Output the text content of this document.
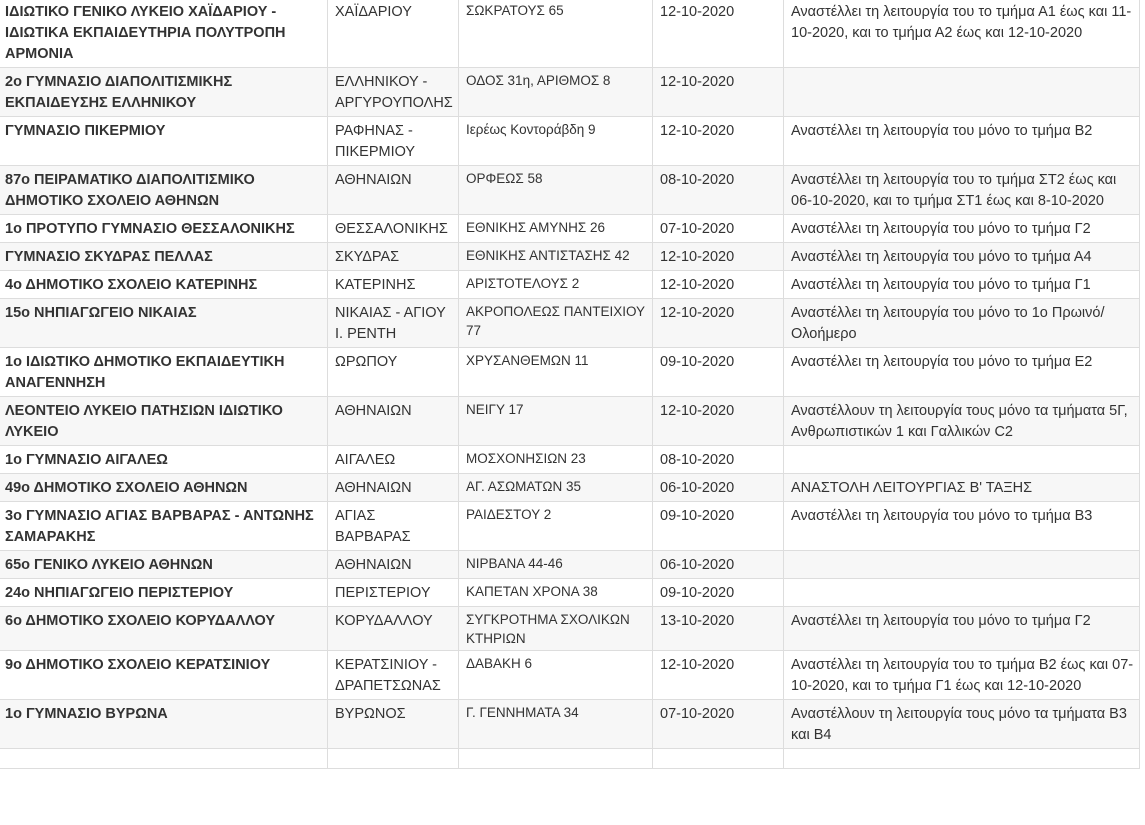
ΙΔΙΩΤΙΚΟ ΓΕΝΙΚΟ ΛΥΚΕΙΟ ΧΑΪΔΑΡΙΟΥ - ΙΔΙΩΤΙΚΑ ΕΚΠΑΙΔΕΥΤΗΡΙΑ ΠΟΛΥΤΡΟΠΗ ΑΡΜΟΝΙΑ	ΧΑΪΔΑΡΙΟΥ	ΣΩΚΡΑΤΟΥΣ 65	12-10-2020	Αναστέλλει τη λειτουργία του το τμήμα Α1 έως και 11-10-2020, και το τμήμα Α2 έως και 12-10-2020
2ο ΓΥΜΝΑΣΙΟ ΔΙΑΠΟΛΙΤΙΣΜΙΚΗΣ ΕΚΠΑΙΔΕΥΣΗΣ ΕΛΛΗΝΙΚΟΥ	ΕΛΛΗΝΙΚΟΥ - ΑΡΓΥΡΟΥΠΟΛΗΣ	ΟΔΟΣ 31η, ΑΡΙΘΜΟΣ 8	12-10-2020	
ΓΥΜΝΑΣΙΟ ΠΙΚΕΡΜΙΟΥ	ΡΑΦΗΝΑΣ - ΠΙΚΕΡΜΙΟΥ	Ιερέως Κοντοράβδη 9	12-10-2020	Αναστέλλει τη λειτουργία του μόνο το τμήμα Β2
87ο ΠΕΙΡΑΜΑΤΙΚΟ ΔΙΑΠΟΛΙΤΙΣΜΙΚΟ ΔΗΜΟΤΙΚΟ ΣΧΟΛΕΙΟ ΑΘΗΝΩΝ	ΑΘΗΝΑΙΩΝ	ΟΡΦΕΩΣ 58	08-10-2020	Αναστέλλει τη λειτουργία του το τμήμα ΣΤ2 έως και 06-10-2020, και το τμήμα ΣΤ1 έως και 8-10-2020
1ο ΠΡΟΤΥΠΟ ΓΥΜΝΑΣΙΟ ΘΕΣΣΑΛΟΝΙΚΗΣ	ΘΕΣΣΑΛΟΝΙΚΗΣ	ΕΘΝΙΚΗΣ ΑΜΥΝΗΣ 26	07-10-2020	Αναστέλλει τη λειτουργία του μόνο το τμήμα Γ2
ΓΥΜΝΑΣΙΟ ΣΚΥΔΡΑΣ ΠΕΛΛΑΣ	ΣΚΥΔΡΑΣ	ΕΘΝΙΚΗΣ ΑΝΤΙΣΤΑΣΗΣ 42	12-10-2020	Αναστέλλει τη λειτουργία του μόνο το τμήμα Α4
4ο ΔΗΜΟΤΙΚΟ ΣΧΟΛΕΙΟ ΚΑΤΕΡΙΝΗΣ	ΚΑΤΕΡΙΝΗΣ	ΑΡΙΣΤΟΤΕΛΟΥΣ 2	12-10-2020	Αναστέλλει τη λειτουργία του μόνο το τμήμα Γ1
15ο ΝΗΠΙΑΓΩΓΕΙΟ ΝΙΚΑΙΑΣ	ΝΙΚΑΙΑΣ - ΑΓΙΟΥ Ι. ΡΕΝΤΗ	ΑΚΡΟΠΟΛΕΩΣ ΠΑΝΤΕΙΧΙΟΥ 77	12-10-2020	Αναστέλλει τη λειτουργία του μόνο το 1ο Πρωινό/Ολοήμερο
1ο ΙΔΙΩΤΙΚΟ ΔΗΜΟΤΙΚΟ ΕΚΠΑΙΔΕΥΤΙΚΗ ΑΝΑΓΕΝΝΗΣΗ	ΩΡΩΠΟΥ	ΧΡΥΣΑΝΘΕΜΩΝ 11	09-10-2020	Αναστέλλει τη λειτουργία του μόνο το τμήμα Ε2
ΛΕΟΝΤΕΙΟ ΛΥΚΕΙΟ ΠΑΤΗΣΙΩΝ ΙΔΙΩΤΙΚΟ ΛΥΚΕΙΟ	ΑΘΗΝΑΙΩΝ	ΝΕΙΓΥ 17	12-10-2020	Αναστέλλουν τη λειτουργία τους μόνο τα τμήματα 5Γ, Ανθρωπιστικών 1 και Γαλλικών C2
1ο ΓΥΜΝΑΣΙΟ ΑΙΓΑΛΕΩ	ΑΙΓΑΛΕΩ	ΜΟΣΧΟΝΗΣΙΩΝ 23	08-10-2020	
49ο ΔΗΜΟΤΙΚΟ ΣΧΟΛΕΙΟ ΑΘΗΝΩΝ	ΑΘΗΝΑΙΩΝ	ΑΓ. ΑΣΩΜΑΤΩΝ 35	06-10-2020	ΑΝΑΣΤΟΛΗ ΛΕΙΤΟΥΡΓΙΑΣ Β' ΤΑΞΗΣ
3ο ΓΥΜΝΑΣΙΟ ΑΓΙΑΣ ΒΑΡΒΑΡΑΣ - ΑΝΤΩΝΗΣ ΣΑΜΑΡΑΚΗΣ	ΑΓΙΑΣ ΒΑΡΒΑΡΑΣ	ΡΑΙΔΕΣΤΟΥ 2	09-10-2020	Αναστέλλει τη λειτουργία του μόνο το τμήμα Β3
65ο ΓΕΝΙΚΟ ΛΥΚΕΙΟ ΑΘΗΝΩΝ	ΑΘΗΝΑΙΩΝ	ΝΙΡΒΑΝΑ 44-46	06-10-2020	
24ο ΝΗΠΙΑΓΩΓΕΙΟ ΠΕΡΙΣΤΕΡΙΟΥ	ΠΕΡΙΣΤΕΡΙΟΥ	ΚΑΠΕΤΑΝ ΧΡΟΝΑ 38	09-10-2020	
6ο ΔΗΜΟΤΙΚΟ ΣΧΟΛΕΙΟ ΚΟΡΥΔΑΛΛΟΥ	ΚΟΡΥΔΑΛΛΟΥ	ΣΥΓΚΡΟΤΗΜΑ ΣΧΟΛΙΚΩΝ ΚΤΗΡΙΩΝ	13-10-2020	Αναστέλλει τη λειτουργία του μόνο το τμήμα Γ2
9ο ΔΗΜΟΤΙΚΟ ΣΧΟΛΕΙΟ ΚΕΡΑΤΣΙΝΙΟΥ	ΚΕΡΑΤΣΙΝΙΟΥ - ΔΡΑΠΕΤΣΩΝΑΣ	ΔΑΒΑΚΗ 6	12-10-2020	Αναστέλλει τη λειτουργία του το τμήμα Β2 έως και 07-10-2020, και το τμήμα Γ1 έως και 12-10-2020
1ο ΓΥΜΝΑΣΙΟ ΒΥΡΩΝΑ	ΒΥΡΩΝΟΣ	Γ. ΓΕΝΝΗΜΑΤΑ 34	07-10-2020	Αναστέλλουν τη λειτουργία τους μόνο τα τμήματα Β3 και Β4
